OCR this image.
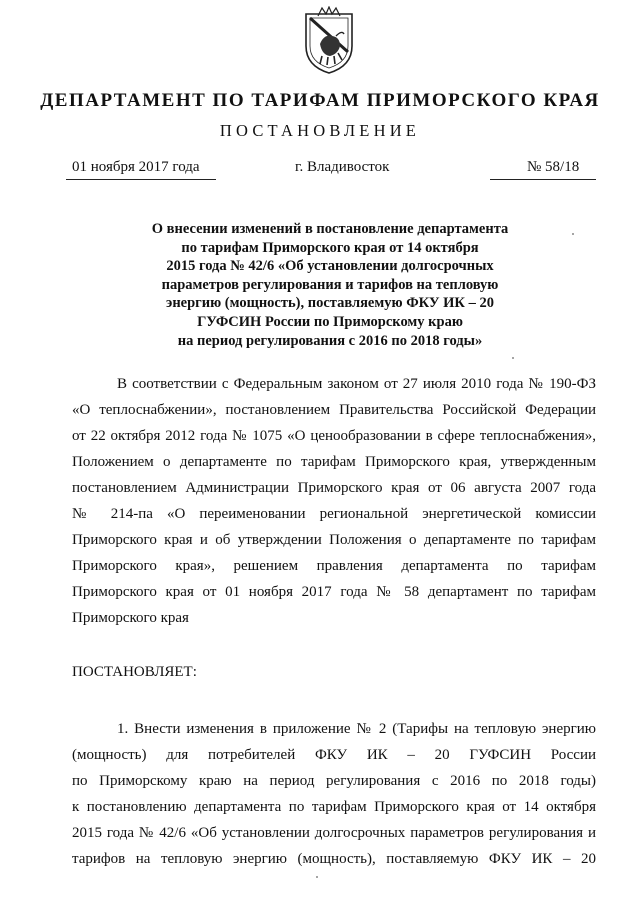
ДЕПАРТАМЕНТ ПО ТАРИФАМ ПРИМОРСКОГО КРАЯ
ПОСТАНОВЛЕНИЕ
01 ноября 2017 года	г. Владивосток	№ 58/18
О внесении изменений в постановление департамента
по тарифам Приморского края от 14 октября
2015 года № 42/6 «Об установлении долгосрочных
параметров регулирования и тарифов на тепловую
энергию (мощность), поставляемую ФКУ ИК – 20
ГУФСИН России по Приморскому краю
на период регулирования с 2016 по 2018 годы»
В соответствии с Федеральным законом от 27 июля 2010 года № 190-ФЗ
«О теплоснабжении», постановлением Правительства Российской Федерации
от 22 октября 2012 года № 1075 «О ценообразовании в сфере теплоснабжения»,
Положением о департаменте по тарифам Приморского края, утвержденным
постановлением Администрации Приморского края от 06 августа 2007 года
№ 214-па «О переименовании региональной энергетической комиссии
Приморского края и об утверждении Положения о департаменте по тарифам
Приморского края», решением правления департамента по тарифам
Приморского края от 01 ноября 2017 года № 58 департамент по тарифам
Приморского края
ПОСТАНОВЛЯЕТ:
1. Внести изменения в приложение № 2 (Тарифы на тепловую энергию
(мощность) для потребителей ФКУ ИК – 20 ГУФСИН России
по Приморскому краю на период регулирования с 2016 по 2018 годы)
к постановлению департамента по тарифам Приморского края от 14 октября
2015 года № 42/6 «Об установлении долгосрочных параметров регулирования и
тарифов на тепловую энергию (мощность), поставляемую ФКУ ИК – 20
